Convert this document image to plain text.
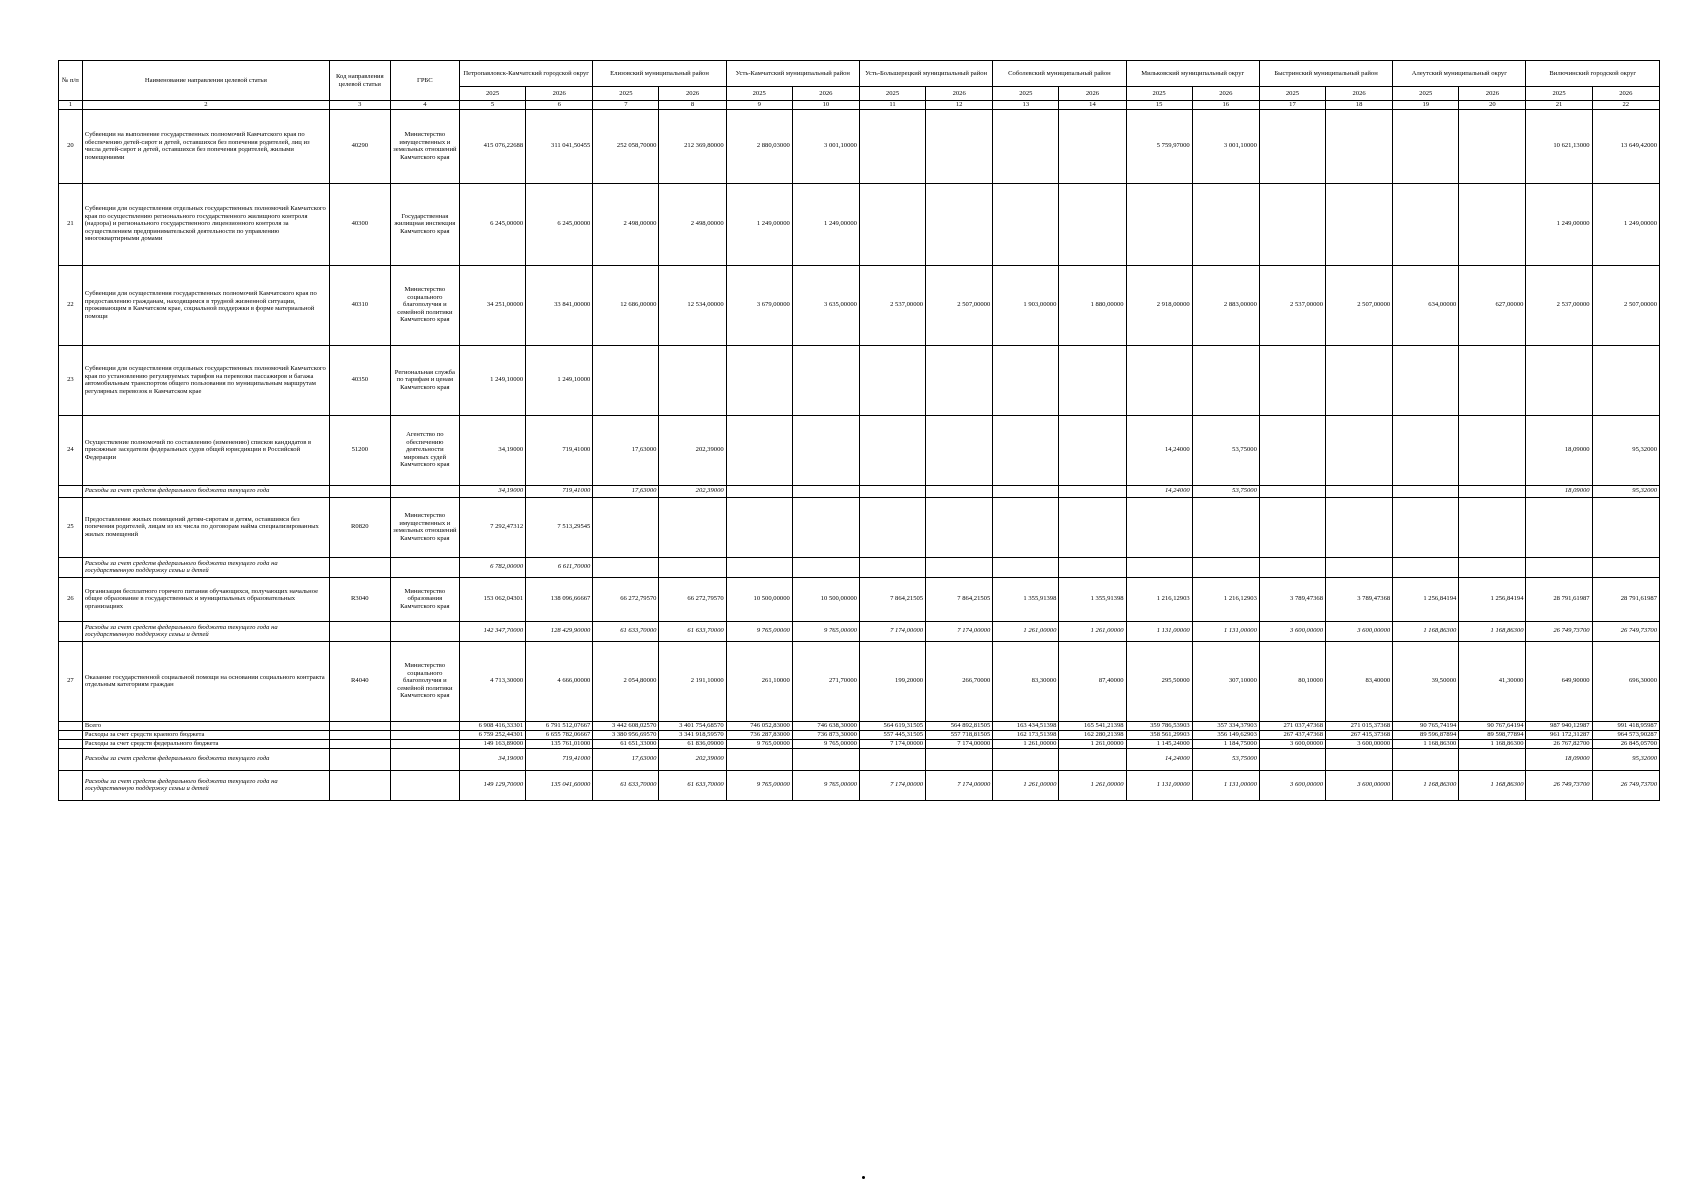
№ п/п	Наименование направления целевой статьи	Код направления целевой статьи	ГРБС	Петропавловск-Камчатский городской округ		Елизовский муниципальный район		Усть-Камчатский муниципальный район		Усть-Большерецкий муниципальный район		Соболевский муниципальный район		Мильковский муниципальный округ		Быстринский муниципальный район		Алеутский муниципальный округ		Вилючинский городской округ	
				2025	2026	2025	2026	2025	2026	2025	2026	2025	2026	2025	2026	2025	2026	2025	2026	2025	2026
1	2	3	4	5	6	7	8	9	10	11	12	13	14	15	16	17	18	19	20	21	22
20	Субвенции на выполнение государственных полномочий Камчатского края по обеспечению детей-сирот и детей, оставшихся без попечения родителей, лиц из числа детей-сирот и детей, оставшихся без попечения родителей, жилыми помещениями	40290	Министерство имущественных и земельных отношений Камчатского края	415 076,22688	311 041,50455	252 058,70000	212 369,80000	2 880,03000	3 001,10000					5 759,97000	3 001,10000					10 621,13000	13 649,42000
21	Субвенции для осуществления отдельных государственных полномочий Камчатского края по осуществлению регионального государственного жилищного контроля (надзора) и регионального государственного лицензионного контроля за осуществлением предпринимательской деятельности по управлению многоквартирными домами	40300	Государственная жилищная инспекция Камчатского края	6 245,00000	6 245,00000	2 498,00000	2 498,00000	1 249,00000	1 249,00000											1 249,00000	1 249,00000
22	Субвенции для осуществления государственных полномочий Камчатского края по предоставлению гражданам, находящимся в трудной жизненной ситуации, проживающим в Камчатском крае, социальной поддержки в форме материальной помощи	40310	Министерство социального благополучия и семейной политики Камчатского края	34 251,00000	33 841,00000	12 686,00000	12 534,00000	3 679,00000	3 635,00000	2 537,00000	2 507,00000	1 903,00000	1 880,00000	2 918,00000	2 883,00000	2 537,00000	2 507,00000	634,00000	627,00000	2 537,00000	2 507,00000
23	Субвенции для осуществления отдельных государственных полномочий Камчатского края по установлению регулируемых тарифов на перевозки пассажиров и багажа автомобильным транспортом общего пользования по муниципальным маршрутам регулярных перевозок в Камчатском крае	40350	Региональная служба по тарифам и ценам Камчатского края	1 249,10000	1 249,10000																
24	Осуществление полномочий по составлению (изменению) списков кандидатов в присяжные заседатели федеральных судов общей юрисдикции в Российской Федерации	51200	Агентство по обеспечению деятельности мировых судей Камчатского края	34,19000	719,41000	17,63000	202,39000							14,24000	53,75000					18,09000	95,32000
	Расходы за счет средств федерального бюджета текущего года			34,19000	719,41000	17,63000	202,39000							14,24000	53,75000					18,09000	95,32000
25	Предоставление жилых помещений детям-сиротам и детям, оставшимся без попечения родителей, лицам из их числа по договорам найма специализированных жилых помещений	R0820	Министерство имущественных и земельных отношений Камчатского края	7 292,47312	7 513,29545																
	Расходы за счет средств федерального бюджета текущего года на государственную поддержку семьи и детей			6 782,00000	6 611,70000																
26	Организация бесплатного горячего питания обучающихся, получающих начальное общее образование в государственных и муниципальных образовательных организациях	R3040	Министерство образования Камчатского края	153 062,04301	138 096,66667	66 272,79570	66 272,79570	10 500,00000	10 500,00000	7 864,21505	7 864,21505	1 355,91398	1 355,91398	1 216,12903	1 216,12903	3 789,47368	3 789,47368	1 256,84194	1 256,84194	28 791,61987	28 791,61987
	Расходы за счет средств федерального бюджета текущего года на государственную поддержку семьи и детей			142 347,70000	128 429,90000	61 633,70000	61 633,70000	9 765,00000	9 765,00000	7 174,00000	7 174,00000	1 261,00000	1 261,00000	1 131,00000	1 131,00000	3 600,00000	3 600,00000	1 168,86300	1 168,86300	26 749,73700	26 749,73700
27	Оказание государственной социальной помощи на основании социального контракта отдельным категориям граждан	R4040	Министерство социального благополучия и семейной политики Камчатского края	4 713,30000	4 666,00000	2 054,80000	2 191,10000	261,10000	271,70000	199,20000	266,70000	83,30000	87,40000	295,50000	307,10000	80,10000	83,40000	39,50000	41,30000	649,90000	696,30000
	Всего			6 908 416,33301	6 791 512,07667	3 442 608,02570	3 401 754,68570	746 052,83000	746 638,30000	564 619,31505	564 892,81505	163 434,51398	165 541,21398	359 786,53903	357 334,37903	271 037,47368	271 015,37368	90 765,74194	90 767,64194	987 940,12987	991 418,95987
	Расходы за счет средств краевого бюджета			6 759 252,44301	6 655 782,06667	3 380 956,69570	3 341 918,59570	736 287,83000	736 873,30000	557 445,31505	557 718,81505	162 173,51398	162 280,21398	358 561,29903	356 149,62903	267 437,47368	267 415,37368	89 596,87894	89 598,77894	961 172,31287	964 573,90287
	Расходы за счет средств федерального бюджета			149 163,89000	135 761,01000	61 651,33000	61 836,09000	9 765,00000	9 765,00000	7 174,00000	7 174,00000	1 261,00000	1 261,00000	1 145,24000	1 184,75000	3 600,00000	3 600,00000	1 168,86300	1 168,86300	26 767,82700	26 845,05700
	Расходы за счет средств федерального бюджета текущего года			34,19000	719,41000	17,63000	202,39000							14,24000	53,75000					18,09000	95,32000
	Расходы за счет средств федерального бюджета текущего года на государственную поддержку семьи и детей			149 129,70000	135 041,60000	61 633,70000	61 633,70000	9 765,00000	9 765,00000	7 174,00000	7 174,00000	1 261,00000	1 261,00000	1 131,00000	1 131,00000	3 600,00000	3 600,00000	1 168,86300	1 168,86300	26 749,73700	26 749,73700
